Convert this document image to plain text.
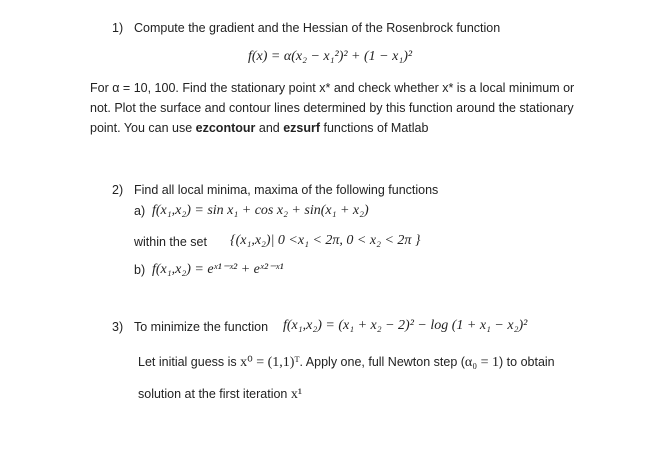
1) Compute the gradient and the Hessian of the Rosenbrock function
f(x) = α(x₂ − x₁²)² + (1 − x₁)²
For α = 10, 100. Find the stationary point x* and check whether x* is a local minimum or
not. Plot the surface and contour lines determined by this function around the stationary
point. You can use ezcontour and ezsurf functions of Matlab
2) Find all local minima, maxima of the following functions
a) f(x₁,x₂) = sin x₁ + cos x₂ + sin(x₁ + x₂)
within the set {(x₁,x₂)| 0 <x₁ < 2π, 0 < x₂ < 2π }
b) f(x₁,x₂) = eˣ¹⁻ˣ² + eˣ²⁻ˣ¹
3) To minimize the function f(x₁,x₂) = (x₁ + x₂ − 2)² − log (1 + x₁ − x₂)²
Let initial guess is x⁰ = (1,1)ᵀ. Apply one, full Newton step (α₀ = 1) to obtain
solution at the first iteration x¹
